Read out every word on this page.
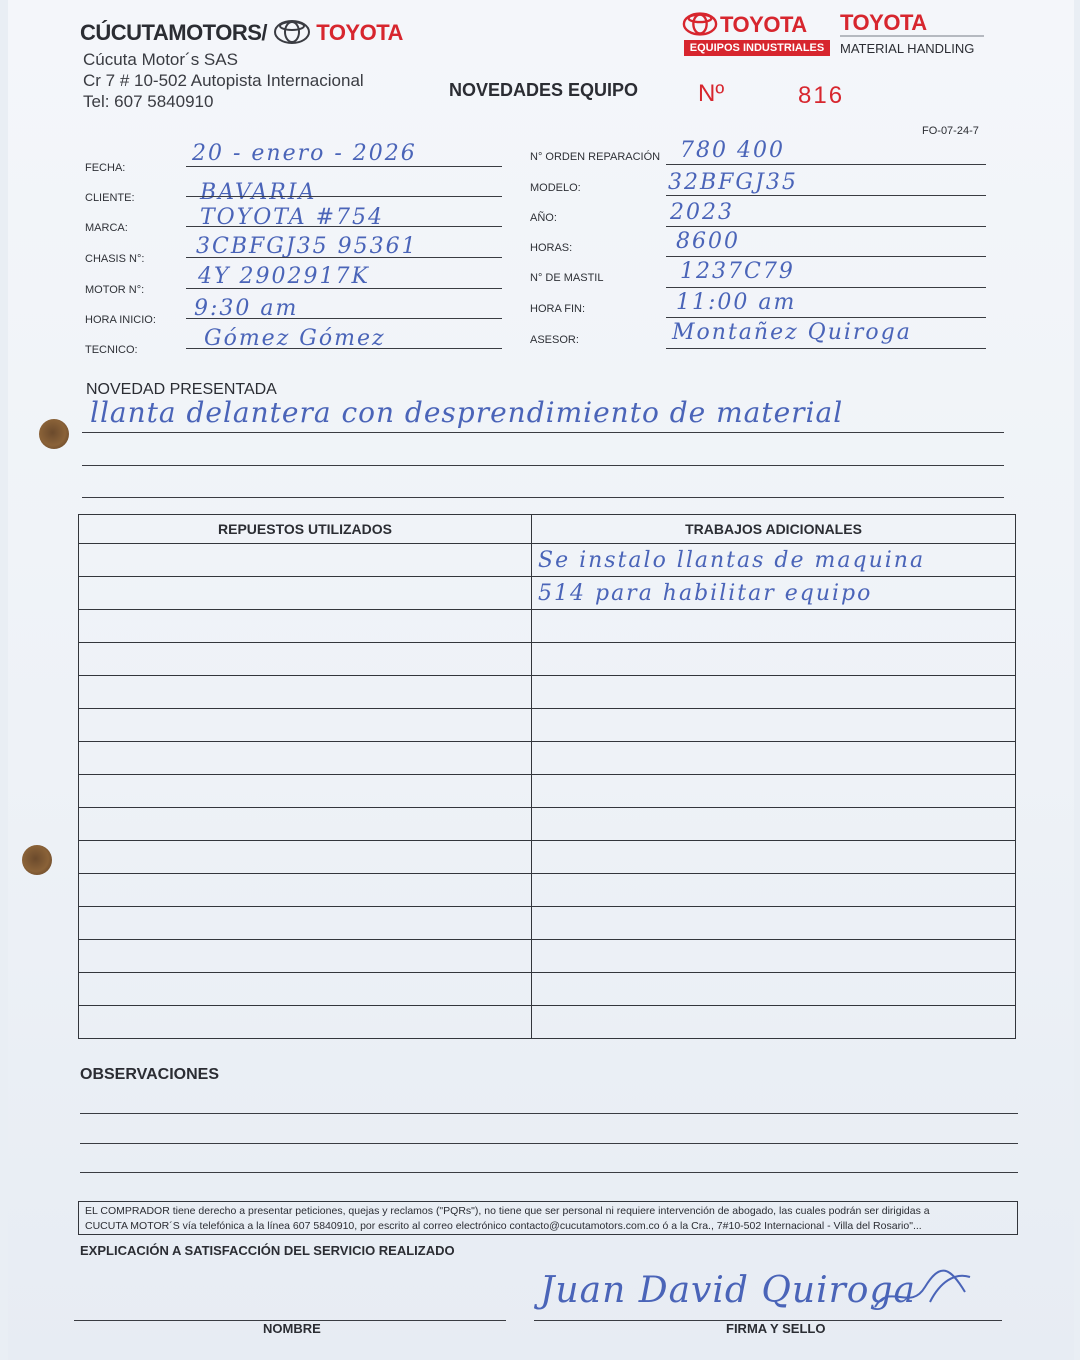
CÚCUTAMOTORS/ TOYOTA
Cúcuta Motor´s SAS
Cr 7 # 10-502 Autopista Internacional
Tel: 607 5840910
NOVEDADES EQUIPO Nº	816
TOYOTA
EQUIPOS INDUSTRIALES
TOYOTA
MATERIAL HANDLING
FO-07-24-7
FECHA:
20 - enero - 2026
CLIENTE:	BAVARIA
MARCA:	TOYOTA #754
CHASIS N°: 3CBFGJ35 95361
MOTOR N°:
4Y 2902917K
HORA INICIO: 9:30 am
TECNICO:	Gómez Gómez
N° ORDEN REPARACIÓN 780 400
MODELO:	32BFGJ35
AÑO:	2023
HORAS:	8600
N° DE MASTIL	1237C79
HORA FIN:	11:00 am
ASESOR:	Montañez Quiroga
NOVEDAD PRESENTADA
llanta delantera con desprendimiento de material
REPUESTOS UTILIZADOS	TRABAJOS ADICIONALES
	Se instalo llantas de maquina
	514 para habilitar equipo

OBSERVACIONES
EL COMPRADOR tiene derecho a presentar peticiones, quejas y reclamos ("PQRs"), no tiene que ser personal ni requiere intervención de abogado, las cuales podrán ser dirigidas a
CUCUTA MOTOR´S vía telefónica a la línea 607 5840910, por escrito al correo electrónico contacto@cucutamotors.com.co ó a la Cra., 7#10-502 Internacional - Villa del Rosario"...
EXPLICACIÓN A SATISFACCIÓN DEL SERVICIO REALIZADO
NOMBRE
Juan David Quiroga
FIRMA Y SELLO
